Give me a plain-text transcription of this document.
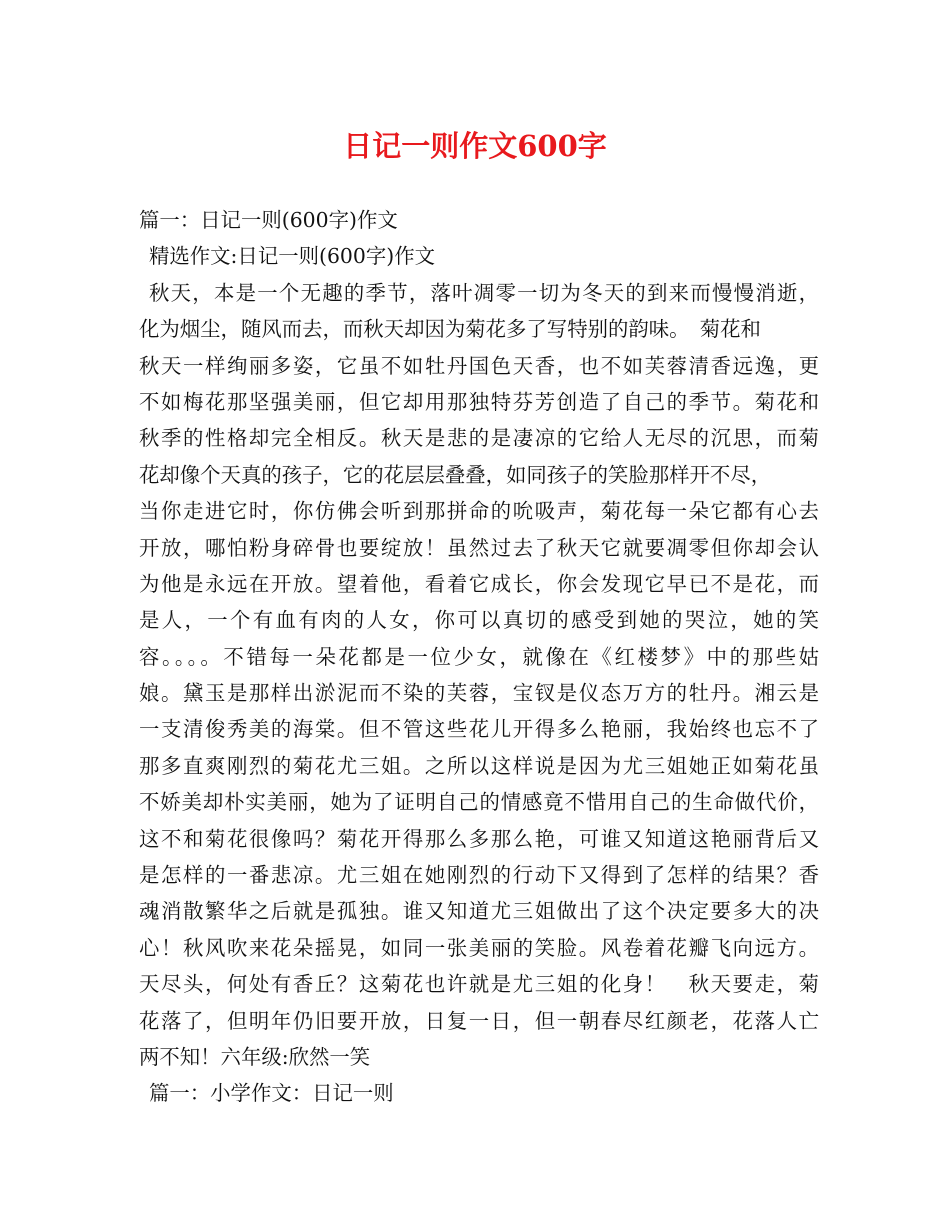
日记一则作文600字
篇一：日记一则(600字)作文
精选作文:日记一则(600字)作文
秋天，本是一个无趣的季节，落叶凋零一切为冬天的到来而慢慢消逝，
化为烟尘，随风而去，而秋天却因为菊花多了写特别的韵味。　菊花和
秋天一样绚丽多姿，它虽不如牡丹国色天香，也不如芙蓉清香远逸，更
不如梅花那坚强美丽，但它却用那独特芬芳创造了自己的季节。菊花和
秋季的性格却完全相反。秋天是悲的是凄凉的它给人无尽的沉思，而菊
花却像个天真的孩子，它的花层层叠叠，如同孩子的笑脸那样开不尽，
当你走进它时，你仿佛会听到那拼命的吮吸声，菊花每一朵它都有心去
开放，哪怕粉身碎骨也要绽放！虽然过去了秋天它就要凋零但你却会认
为他是永远在开放。望着他，看着它成长，你会发现它早已不是花，而
是人，一个有血有肉的人女，你可以真切的感受到她的哭泣，她的笑
容。。。。不错每一朵花都是一位少女，就像在《红楼梦》中的那些姑
娘。黛玉是那样出淤泥而不染的芙蓉，宝钗是仪态万方的牡丹。湘云是
一支清俊秀美的海棠。但不管这些花儿开得多么艳丽，我始终也忘不了
那多直爽刚烈的菊花尤三姐。之所以这样说是因为尤三姐她正如菊花虽
不娇美却朴实美丽，她为了证明自己的情感竟不惜用自己的生命做代价，
这不和菊花很像吗？菊花开得那么多那么艳，可谁又知道这艳丽背后又
是怎样的一番悲凉。尤三姐在她刚烈的行动下又得到了怎样的结果？香
魂消散繁华之后就是孤独。谁又知道尤三姐做出了这个决定要多大的决
心！秋风吹来花朵摇晃，如同一张美丽的笑脸。风卷着花瓣飞向远方。
天尽头，何处有香丘？这菊花也许就是尤三姐的化身！　秋天要走，菊
花落了，但明年仍旧要开放，日复一日，但一朝春尽红颜老，花落人亡
两不知！六年级:欣然一笑
篇一：小学作文：日记一则
